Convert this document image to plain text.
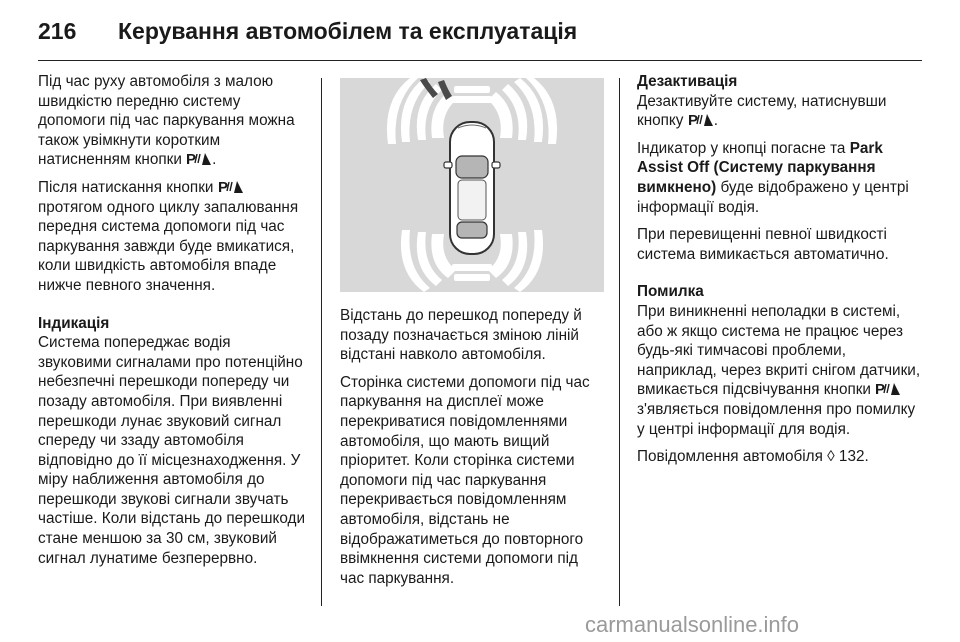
216 Керування автомобілем та експлуатація

Під час руху автомобіля з малою швидкістю передню систему допомоги під час паркування можна також увімкнути коротким натисненням кнопки P .

Після натискання кнопки P
протягом одного циклу запалювання передня система допомоги під час паркування завжди буде вмикатися, коли швидкість автомобіля впаде нижче певного значення.

Індикація
Система попереджає водія звуковими сигналами про потенційно небезпечні перешкоди попереду чи позаду автомобіля. При виявленні перешкоди лунає звуковий сигнал спереду чи ззаду автомобіля відповідно до її місцезнаходження. У міру наближення автомобіля до перешкоди звукові сигнали звучать частіше. Коли відстань до перешкоди стане меншою за 30 см, звуковий сигнал лунатиме безперервно.

Відстань до перешкод попереду й позаду позначається зміною ліній відстані навколо автомобіля.

Сторінка системи допомоги під час паркування на дисплеї може перекриватися повідомленнями автомобіля, що мають вищий пріоритет. Коли сторінка системи допомоги під час паркування перекривається повідомленням автомобіля, відстань не відображатиметься до повторного ввімкнення системи допомоги під час паркування.

Дезактивація
Дезактивуйте систему, натиснувши кнопку P .

Індикатор у кнопці погасне та Park Assist Off (Систему паркування вимкнено) буде відображено у центрі інформації водія.

При перевищенні певної швидкості система вимикається автоматично.

Помилка
При виникненні неполадки в системі, або ж якщо система не працює через будь-які тимчасові проблеми, наприклад, через вкриті снігом датчики, вмикається підсвічування кнопки P
з'являється повідомлення про помилку у центрі інформації для водія.

Повідомлення автомобіля ◊ 132.

carmanualsonline.info
